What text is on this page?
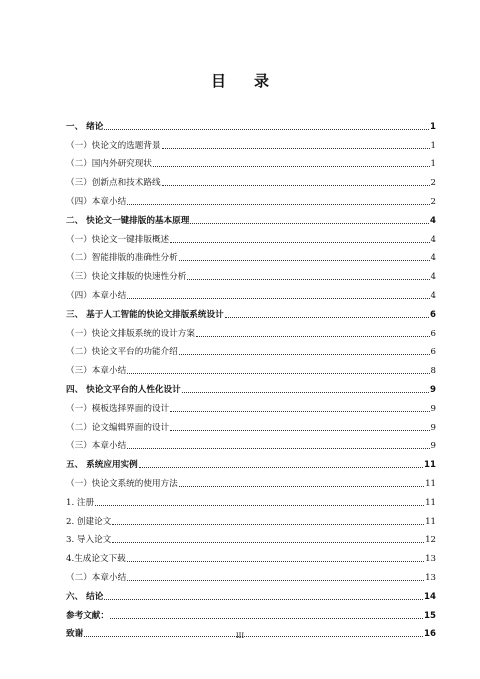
目录
一、 绪论	1
（一）快论文的选题背景	1
（二）国内外研究现状	1
（三）创新点和技术路线	2
（四）本章小结	2
二、 快论文一键排版的基本原理	4
（一）快论文一键排版概述	4
（二）智能排版的准确性分析	4
（三）快论文排版的快速性分析	4
（四）本章小结	4
三、 基于人工智能的快论文排版系统设计	6
（一）快论文排版系统的设计方案	6
（二）快论文平台的功能介绍	6
（三）本章小结	8
四、 快论文平台的人性化设计	9
（一）模板选择界面的设计	9
（二）论文编辑界面的设计	9
（三）本章小结	9
五、 系统应用实例	11
（一）快论文系统的使用方法	11
1. 注册	11
2. 创建论文	11
3. 导入论文	12
4.生成论文下载	13
（二）本章小结	13
六、 结论	14
参考文献：	15
致谢	16
III
